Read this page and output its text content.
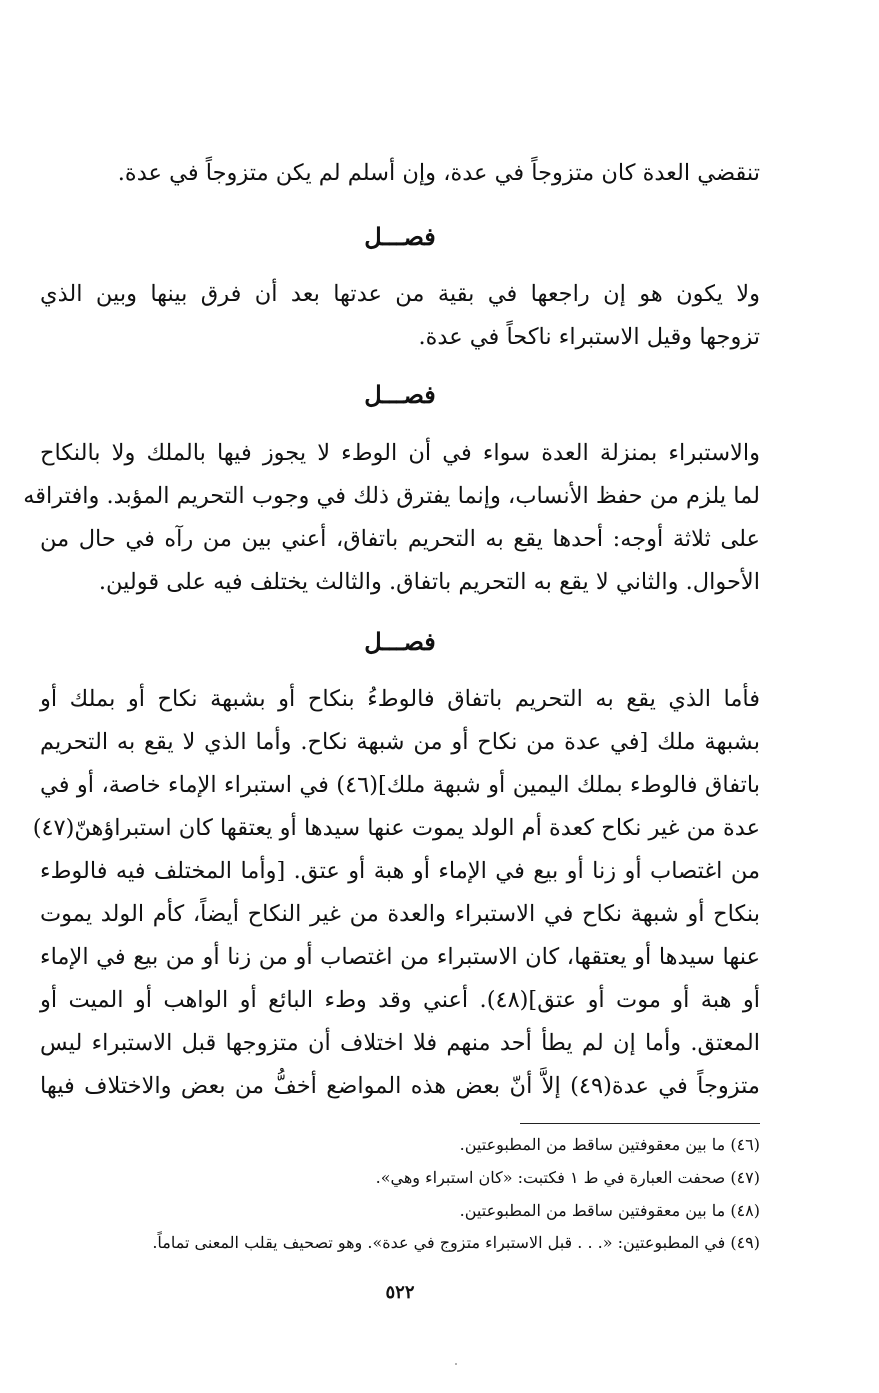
تنقضي العدة كان متزوجاً في عدة، وإن أسلم لم يكن متزوجاً في عدة.
فصـــل
ولا يكون هو إن راجعها في بقية من عدتها بعد أن فرق بينها وبين الذي
تزوجها وقيل الاستبراء ناكحاً في عدة.
فصـــل
والاستبراء بمنزلة العدة سواء في أن الوطء لا يجوز فيها بالملك ولا بالنكاح
لما يلزم من حفظ الأنساب، وإنما يفترق ذلك في وجوب التحريم المؤبد. وافتراقه
على ثلاثة أوجه: أحدها يقع به التحريم باتفاق، أعني بين من رآه في حال من
الأحوال. والثاني لا يقع به التحريم باتفاق. والثالث يختلف فيه على قولين.
فصـــل
فأما الذي يقع به التحريم باتفاق فالوطءُ بنكاح أو بشبهة نكاح أو بملك أو
بشبهة ملك [في عدة من نكاح أو من شبهة نكاح. وأما الذي لا يقع به التحريم
باتفاق فالوطء بملك اليمين أو شبهة ملك](٤٦) في استبراء الإماء خاصة، أو في
عدة من غير نكاح كعدة أم الولد يموت عنها سيدها أو يعتقها كان استبراؤهنّ(٤٧)
من اغتصاب أو زنا أو بيع في الإماء أو هبة أو عتق. [وأما المختلف فيه فالوطء
بنكاح أو شبهة نكاح في الاستبراء والعدة من غير النكاح أيضاً، كأم الولد يموت
عنها سيدها أو يعتقها، كان الاستبراء من اغتصاب أو من زنا أو من بيع في الإماء
أو هبة أو موت أو عتق](٤٨). أعني وقد وطء البائع أو الواهب أو الميت أو
المعتق. وأما إن لم يطأ أحد منهم فلا اختلاف أن متزوجها قبل الاستبراء ليس
متزوجاً في عدة(٤٩) إلاَّ أنّ بعض هذه المواضع أخفُّ من بعض والاختلاف فيها
(٤٦) ما بين معقوفتين ساقط من المطبوعتين.
(٤٧) صحفت العبارة في ط ١ فكتبت: «كان استبراء وهي».
(٤٨) ما بين معقوفتين ساقط من المطبوعتين.
(٤٩) في المطبوعتين: «. . . قبل الاستبراء متزوج في عدة». وهو تصحيف يقلب المعنى تماماً.
٥٢٢
